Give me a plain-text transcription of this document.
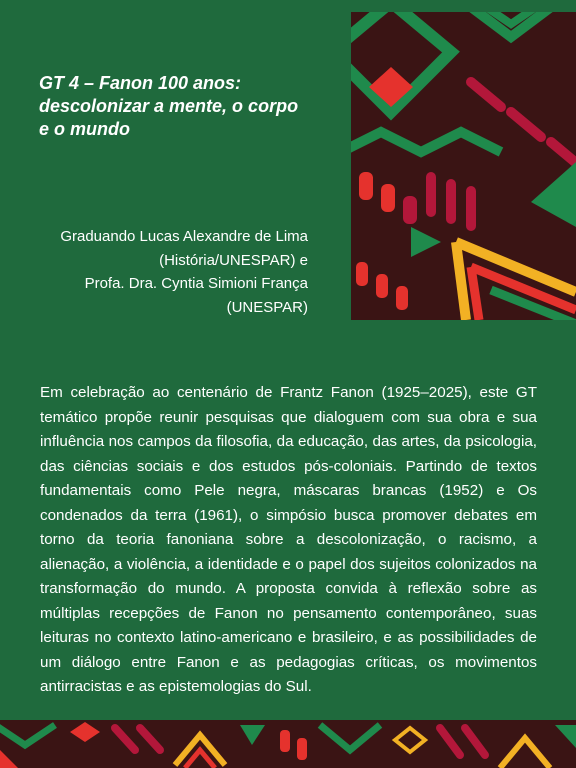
GT 4 – Fanon 100 anos:
descolonizar a mente, o corpo
e o mundo
Graduando Lucas Alexandre de Lima
(História/UNESPAR) e
Profa. Dra. Cyntia Simioni França
(UNESPAR)

Em celebração ao centenário de Frantz Fanon (1925–2025), este GT temático propõe reunir pesquisas que dialoguem com sua obra e sua influência nos campos da filosofia, da educação, das artes, da psicologia, das ciências sociais e dos estudos pós-coloniais. Partindo de textos fundamentais como Pele negra, máscaras brancas (1952) e Os condenados da terra (1961), o simpósio busca promover debates em torno da teoria fanoniana sobre a descolonização, o racismo, a alienação, a violência, a identidade e o papel dos sujeitos colonizados na transformação do mundo. A proposta convida à reflexão sobre as múltiplas recepções de Fanon no pensamento contemporâneo, suas leituras no contexto latino-americano e brasileiro, e as possibilidades de um diálogo entre Fanon e as pedagogias críticas, os movimentos antirracistas e as epistemologias do Sul.
